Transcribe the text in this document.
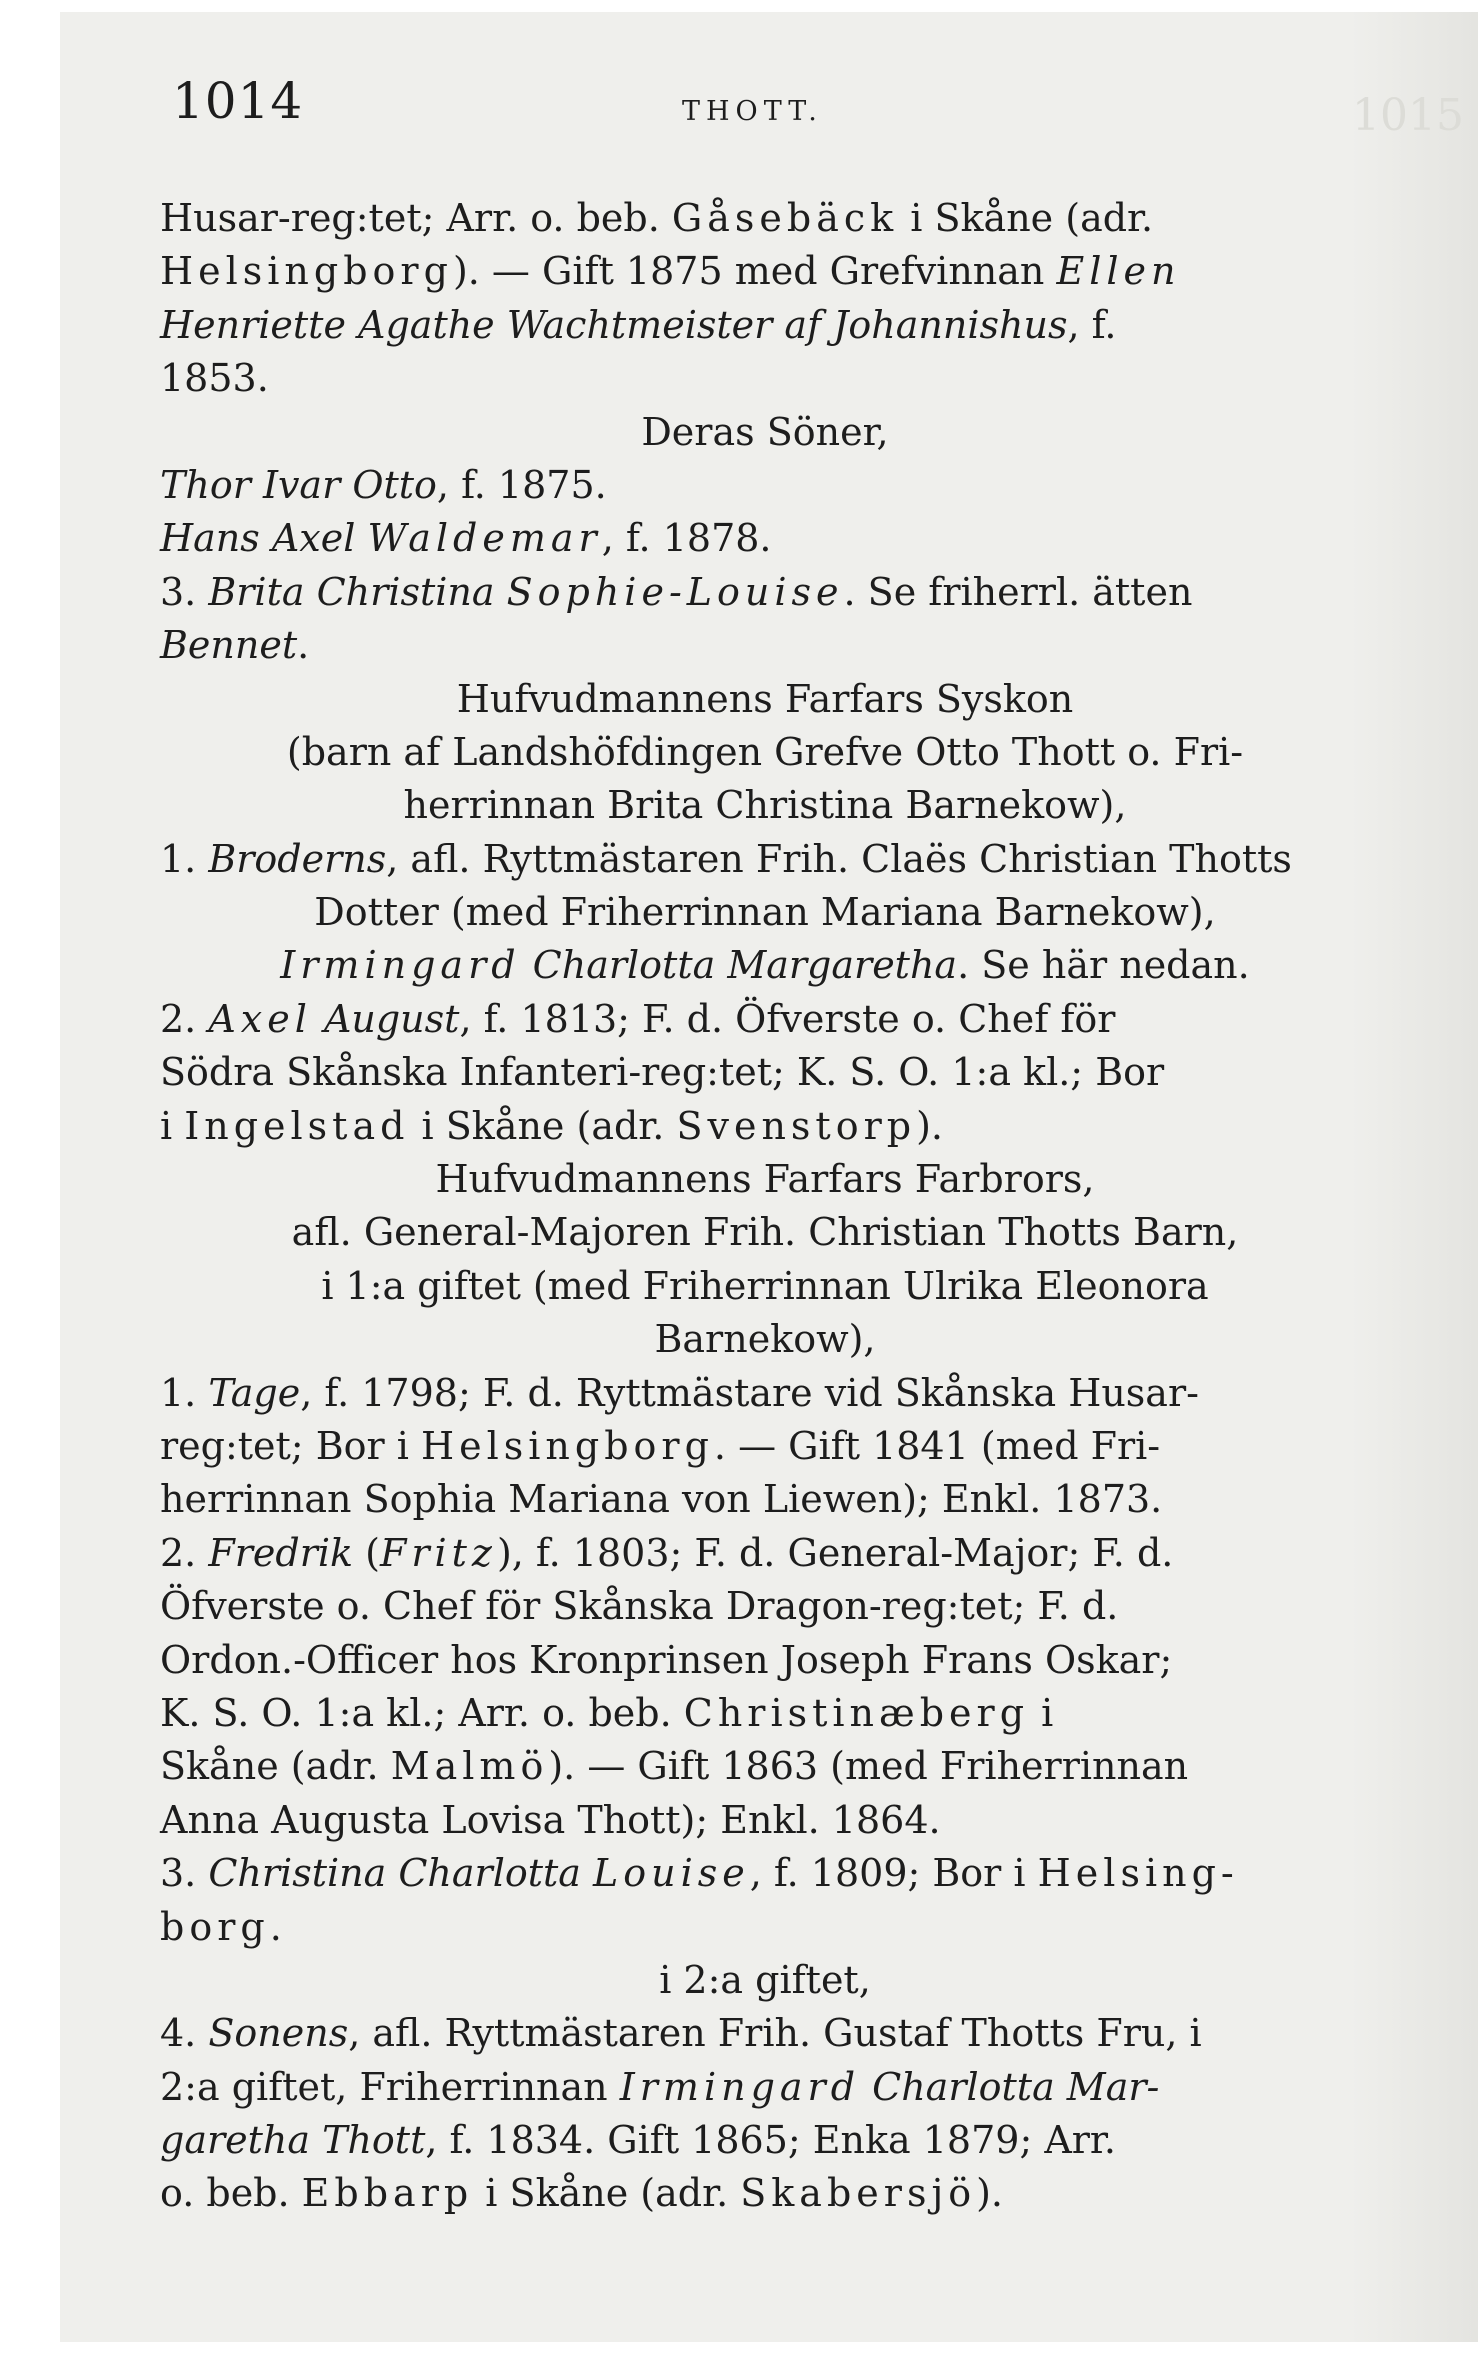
1014	THOTT.	1015
Husar-reg:tet; Arr. o. beb. Gåsebäck i Skåne (adr.
Helsingborg). — Gift 1875 med Grefvinnan Ellen
Henriette Agathe Wachtmeister af Johannishus, f.
1853.
Deras Söner,
Thor Ivar Otto, f. 1875.
Hans Axel Waldemar, f. 1878.
3. Brita Christina Sophie-Louise. Se friherrl. ätten
Bennet.
Hufvudmannens Farfars Syskon
(barn af Landshöfdingen Grefve Otto Thott o. Fri-
herrinnan Brita Christina Barnekow),
1. Broderns, afl. Ryttmästaren Frih. Claës Christian Thotts
Dotter (med Friherrinnan Mariana Barnekow),
Irmingard Charlotta Margaretha. Se här nedan.
2. Axel August, f. 1813; F. d. Öfverste o. Chef för
Södra Skånska Infanteri-reg:tet; K. S. O. 1:a kl.; Bor
i Ingelstad i Skåne (adr. Svenstorp).
Hufvudmannens Farfars Farbrors,
afl. General-Majoren Frih. Christian Thotts Barn,
i 1:a giftet (med Friherrinnan Ulrika Eleonora
Barnekow),
1. Tage, f. 1798; F. d. Ryttmästare vid Skånska Husar-
reg:tet; Bor i Helsingborg. — Gift 1841 (med Fri-
herrinnan Sophia Mariana von Liewen); Enkl. 1873.
2. Fredrik (Fritz), f. 1803; F. d. General-Major; F. d.
Öfverste o. Chef för Skånska Dragon-reg:tet; F. d.
Ordon.-Officer hos Kronprinsen Joseph Frans Oskar;
K. S. O. 1:a kl.; Arr. o. beb. Christinæberg i
Skåne (adr. Malmö). — Gift 1863 (med Friherrinnan
Anna Augusta Lovisa Thott); Enkl. 1864.
3. Christina Charlotta Louise, f. 1809; Bor i Helsing-
borg.
i 2:a giftet,
4. Sonens, afl. Ryttmästaren Frih. Gustaf Thotts Fru, i
2:a giftet, Friherrinnan Irmingard Charlotta Mar-
garetha Thott, f. 1834. Gift 1865; Enka 1879; Arr.
o. beb. Ebbarp i Skåne (adr. Skabersjö).
